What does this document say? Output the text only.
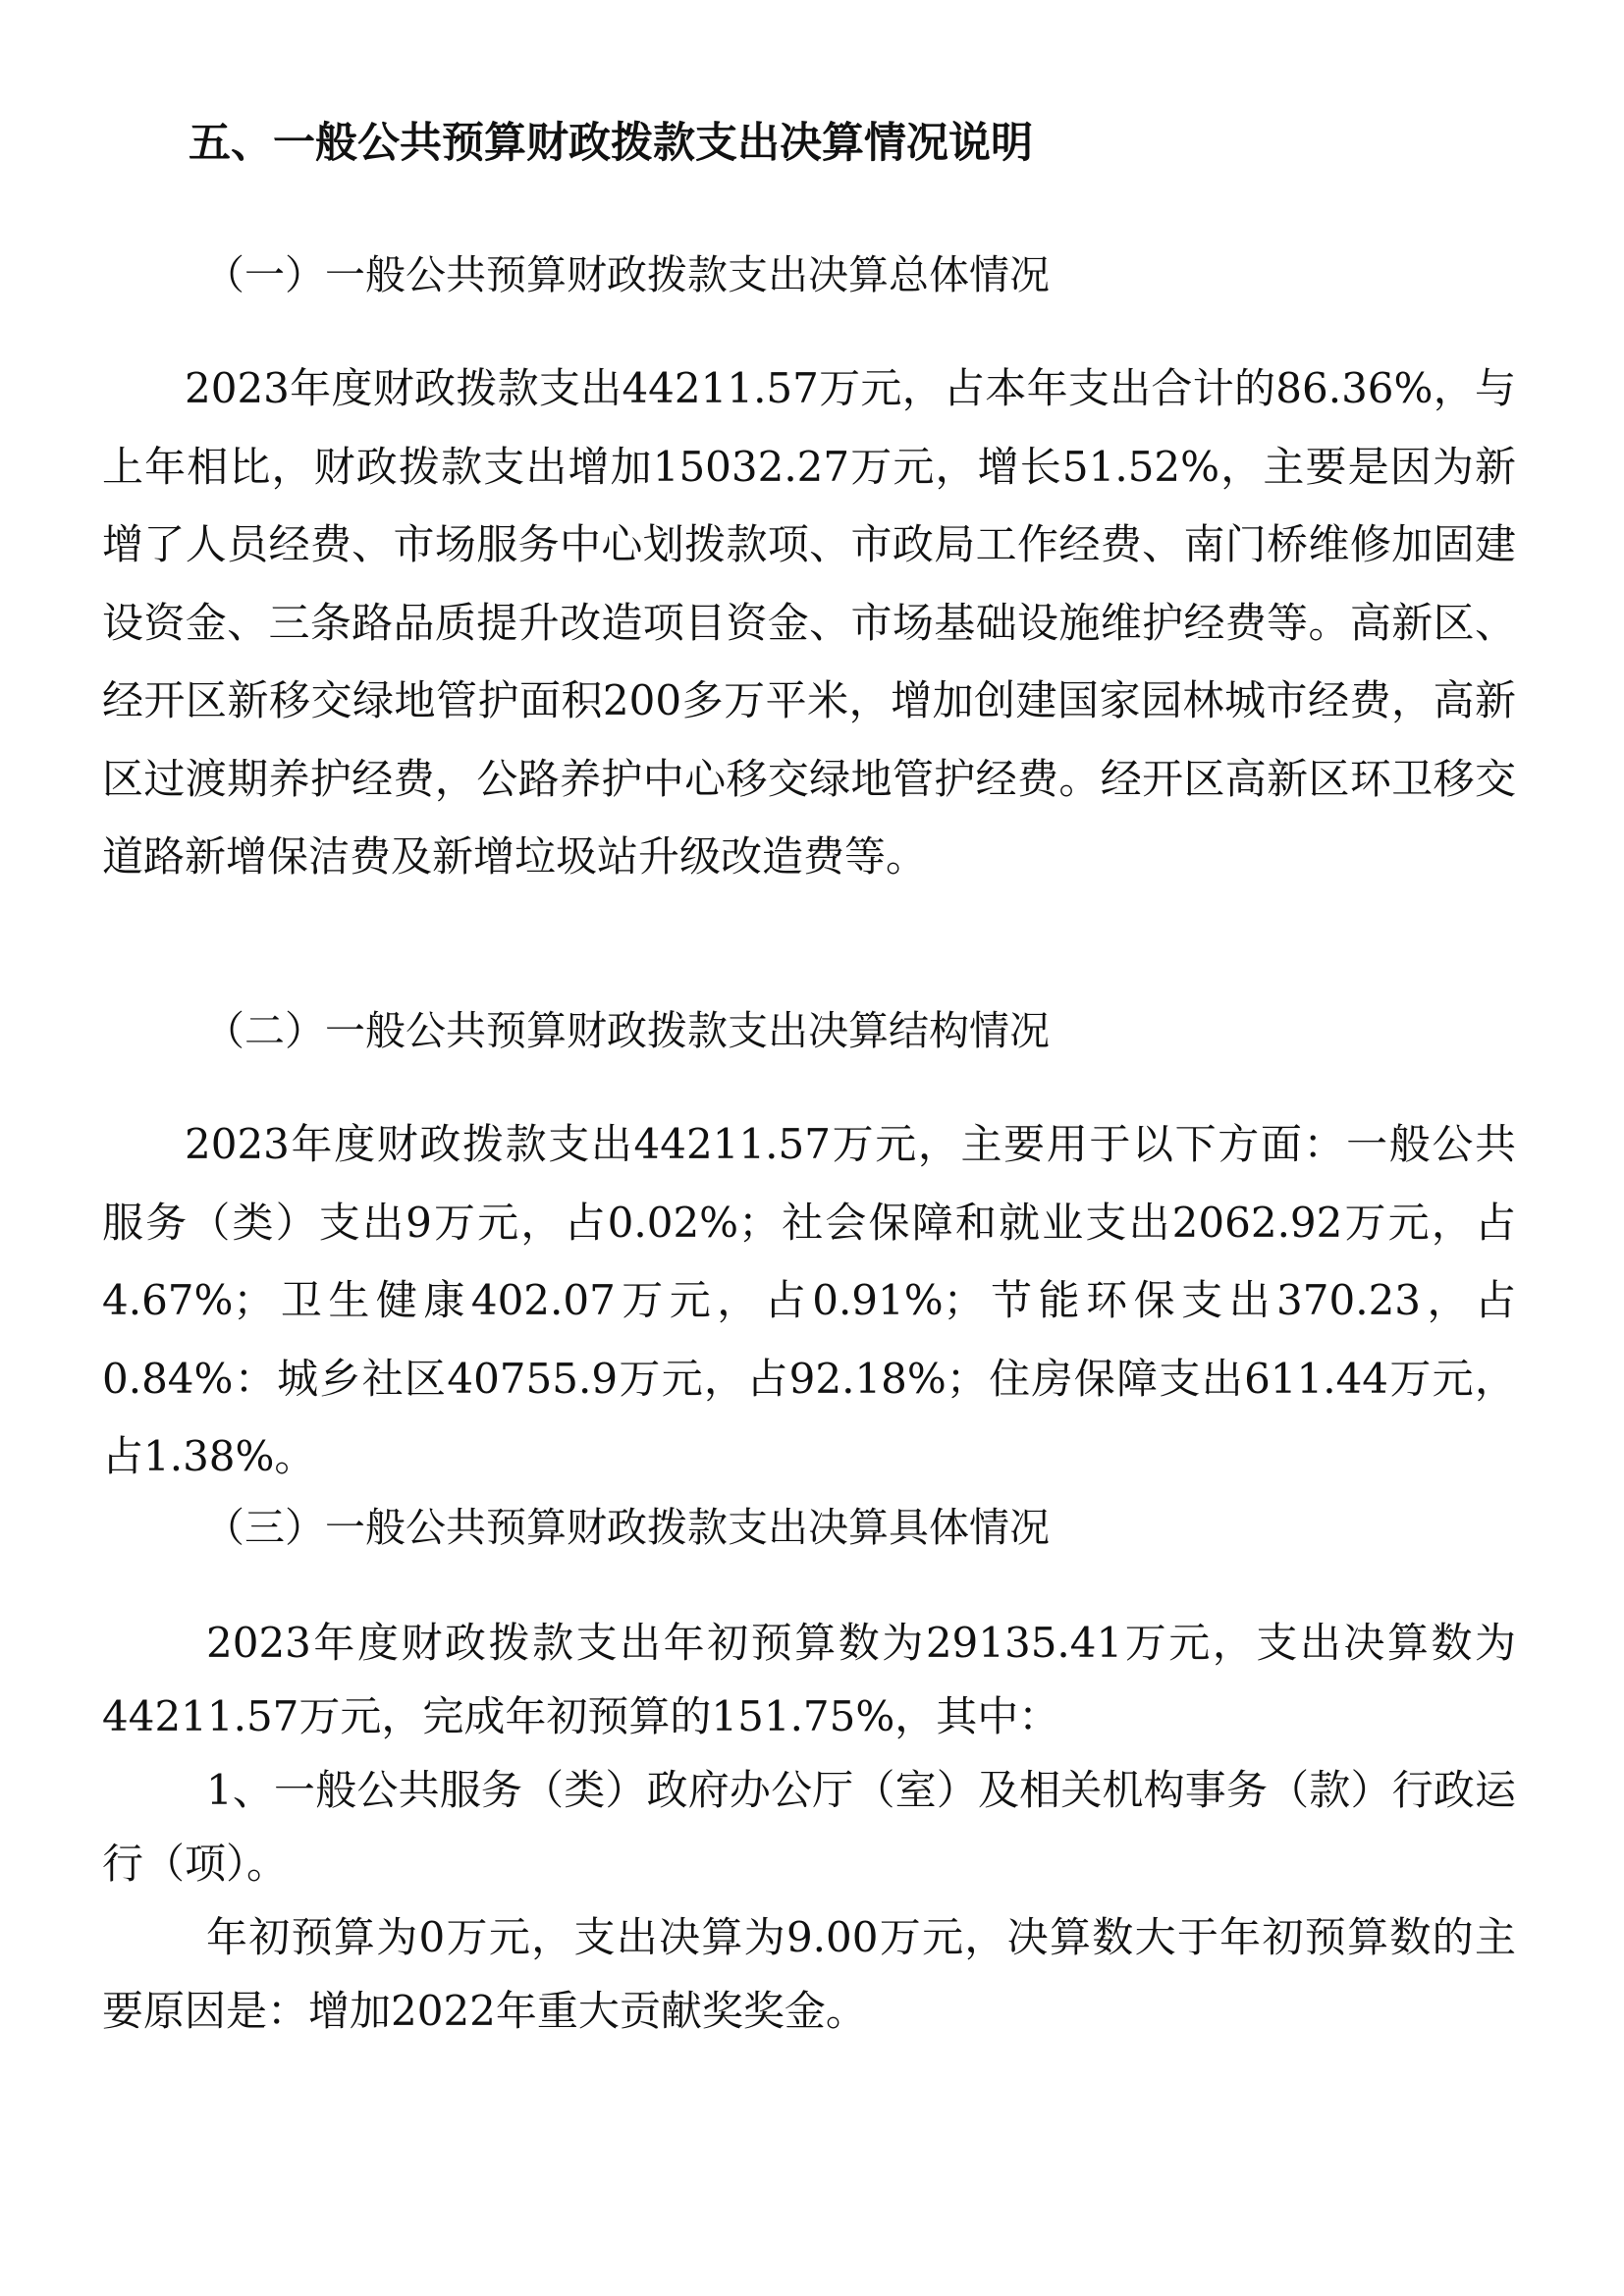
五、一般公共预算财政拨款支出决算情况说明
（一）一般公共预算财政拨款支出决算总体情况

2023年度财政拨款支出44211.57万元，占本年支出合计的86.36%，与上年相比，财政拨款支出增加15032.27万元，增长51.52%，主要是因为新增了人员经费、市场服务中心划拨款项、市政局工作经费、南门桥维修加固建设资金、三条路品质提升改造项目资金、市场基础设施维护经费等。高新区、经开区新移交绿地管护面积200多万平米，增加创建国家园林城市经费，高新区过渡期养护经费，公路养护中心移交绿地管护经费。经开区高新区环卫移交道路新增保洁费及新增垃圾站升级改造费等。

（二）一般公共预算财政拨款支出决算结构情况

2023年度财政拨款支出44211.57万元，主要用于以下方面：一般公共服务（类）支出9万元，占0.02%；社会保障和就业支出2062.92万元，占4.67%；卫生健康402.07万元，占0.91%；节能环保支出370.23，占0.84%：城乡社区40755.9万元，占92.18%；住房保障支出611.44万元，占1.38%。

（三）一般公共预算财政拨款支出决算具体情况

2023年度财政拨款支出年初预算数为29135.41万元，支出决算数为44211.57万元，完成年初预算的151.75%，其中：

1、一般公共服务（类）政府办公厅（室）及相关机构事务（款）行政运行（项）。

年初预算为0万元，支出决算为9.00万元，决算数大于年初预算数的主要原因是：增加2022年重大贡献奖奖金。
